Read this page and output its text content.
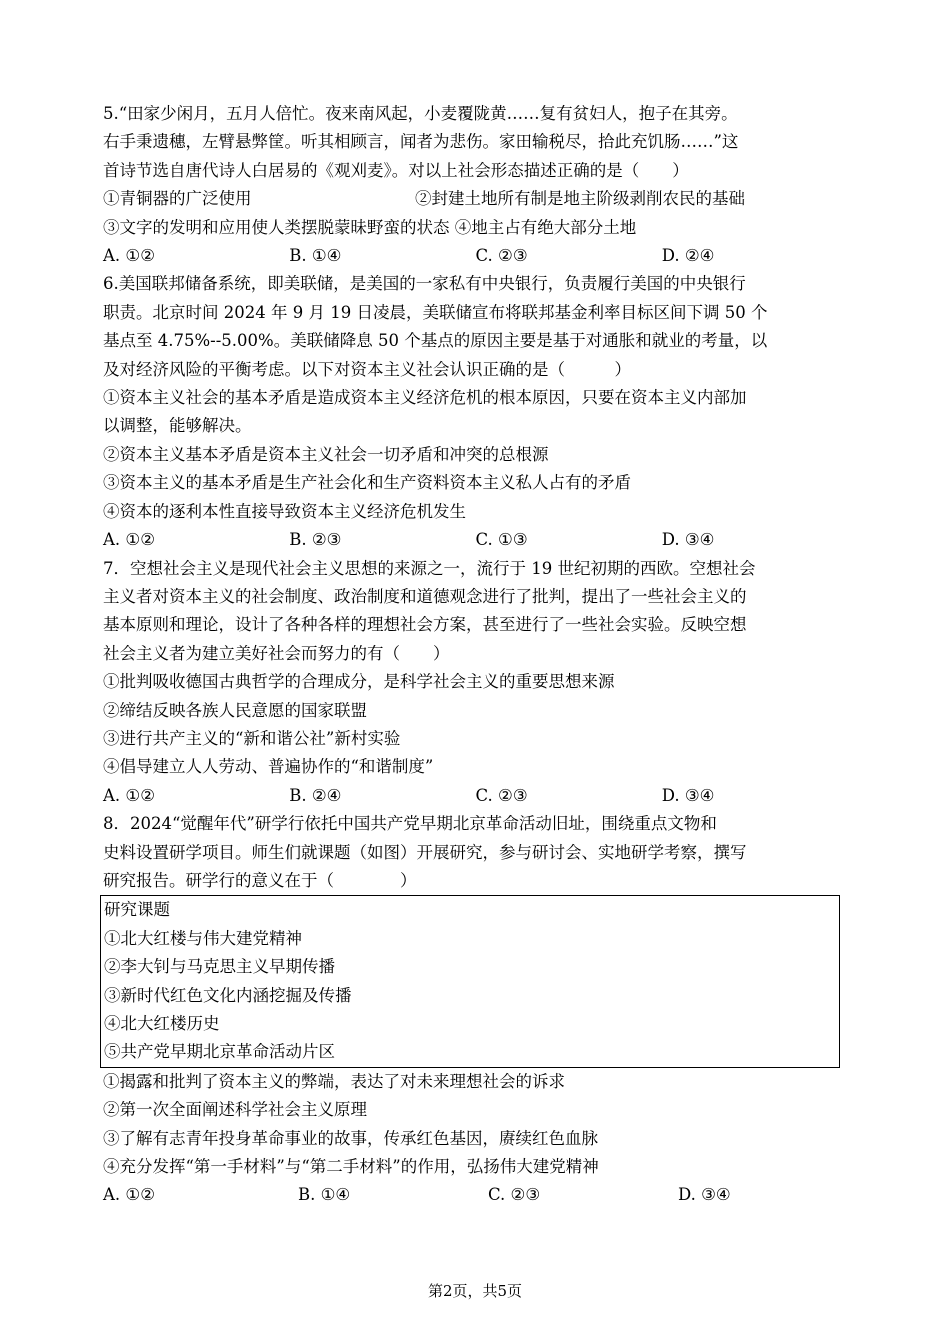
5.“田家少闲月，五月人倍忙。夜来南风起，小麦覆陇黄……复有贫妇人，抱子在其旁。
右手秉遗穗，左臂悬弊筐。听其相顾言，闻者为悲伤。家田输税尽，拾此充饥肠……”这
首诗节选自唐代诗人白居易的《观刈麦》。对以上社会形态描述正确的是（　　）
①青铜器的广泛使用	②封建土地所有制是地主阶级剥削农民的基础
③文字的发明和应用使人类摆脱蒙昧野蛮的状态 ④地主占有绝大部分土地
A. ①②	B. ①④	C. ②③	D. ②④
6.美国联邦储备系统，即美联储，是美国的一家私有中央银行，负责履行美国的中央银行
职责。北京时间 2024 年 9 月 19 日凌晨，美联储宣布将联邦基金利率目标区间下调 50 个
基点至 4.75%--5.00%。美联储降息 50 个基点的原因主要是基于对通胀和就业的考量，以
及对经济风险的平衡考虑。以下对资本主义社会认识正确的是（　　　）
①资本主义社会的基本矛盾是造成资本主义经济危机的根本原因，只要在资本主义内部加
以调整，能够解决。
②资本主义基本矛盾是资本主义社会一切矛盾和冲突的总根源
③资本主义的基本矛盾是生产社会化和生产资料资本主义私人占有的矛盾
④资本的逐利本性直接导致资本主义经济危机发生
A. ①②	B. ②③	C. ①③	D. ③④
7．空想社会主义是现代社会主义思想的来源之一，流行于 19 世纪初期的西欧。空想社会
主义者对资本主义的社会制度、政治制度和道德观念进行了批判，提出了一些社会主义的
基本原则和理论，设计了各种各样的理想社会方案，甚至进行了一些社会实验。反映空想
社会主义者为建立美好社会而努力的有（　　）
①批判吸收德国古典哲学的合理成分，是科学社会主义的重要思想来源
②缔结反映各族人民意愿的国家联盟
③进行共产主义的“新和谐公社”新村实验
④倡导建立人人劳动、普遍协作的“和谐制度”
A. ①②	B. ②④	C. ②③	D. ③④
8．2024“觉醒年代”研学行依托中国共产党早期北京革命活动旧址，围绕重点文物和
史料设置研学项目。师生们就课题（如图）开展研究，参与研讨会、实地研学考察，撰写
研究报告。研学行的意义在于（　　　　）
研究课题
①北大红楼与伟大建党精神
②李大钊与马克思主义早期传播
③新时代红色文化内涵挖掘及传播
④北大红楼历史
⑤共产党早期北京革命活动片区
①揭露和批判了资本主义的弊端，表达了对未来理想社会的诉求
②第一次全面阐述科学社会主义原理
③了解有志青年投身革命事业的故事，传承红色基因，赓续红色血脉
④充分发挥“第一手材料”与“第二手材料”的作用，弘扬伟大建党精神
A. ①②	B. ①④	C. ②③	D. ③④
第2页，共5页
